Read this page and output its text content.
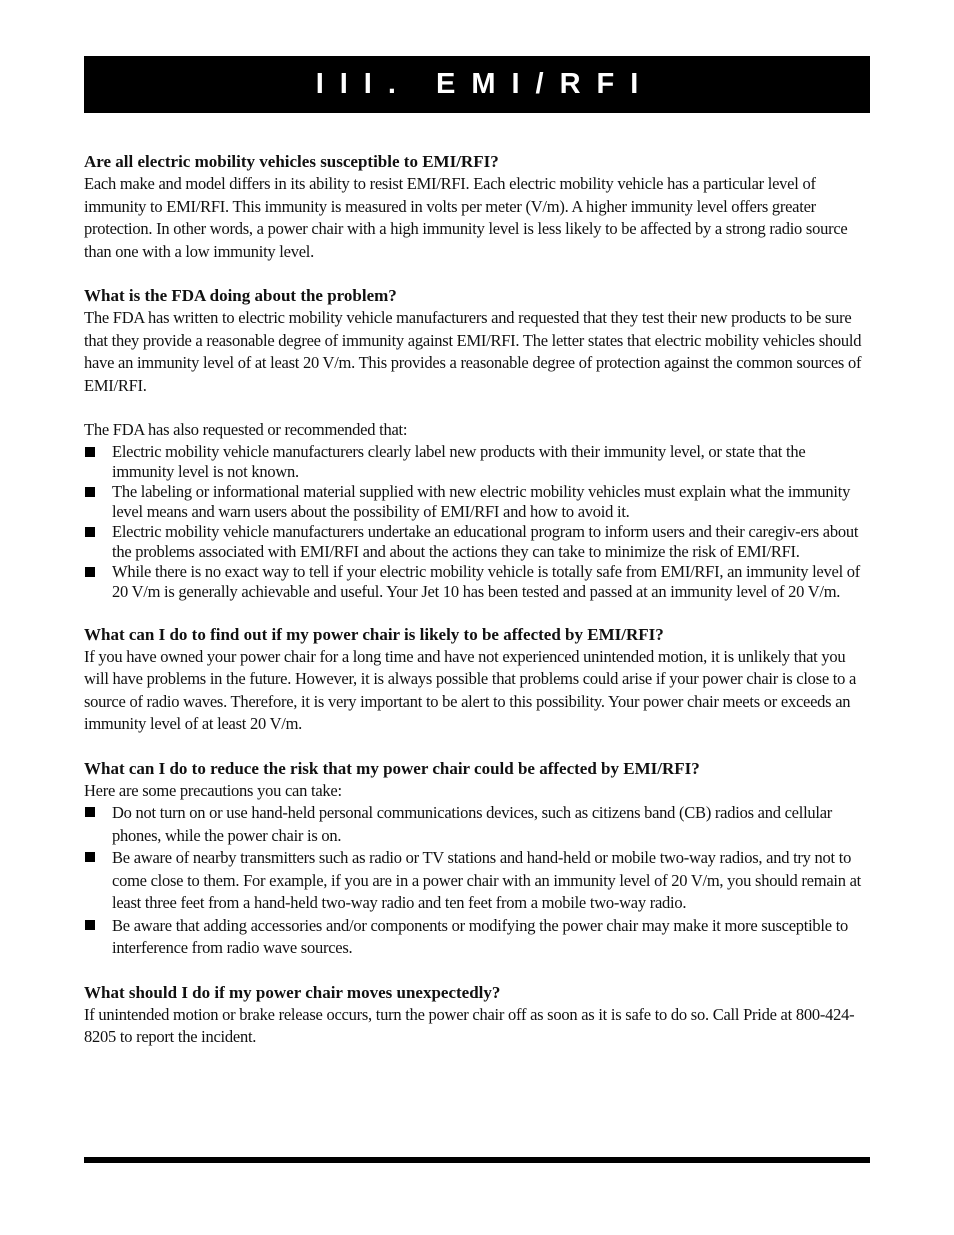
III. EMI/RFI
Are all electric mobility vehicles susceptible to EMI/RFI?

Each make and model differs in its ability to resist EMI/RFI. Each electric mobility vehicle has a particular level of immunity to EMI/RFI. This immunity is measured in volts per meter (V/m). A higher immunity level offers greater protection. In other words, a power chair with a high immunity level is less likely to be affected by a strong radio source than one with a low immunity level.

What is the FDA doing about the problem?

The FDA has written to electric mobility vehicle manufacturers and requested that they test their new products to be sure that they provide a reasonable degree of immunity against EMI/RFI. The letter states that electric mobility vehicles should have an immunity level of at least 20 V/m. This provides a reasonable degree of protection against the common sources of EMI/RFI.

The FDA has also requested or recommended that:

Electric mobility vehicle manufacturers clearly label new products with their immunity level, or state that the immunity level is not known.
The labeling or informational material supplied with new electric mobility vehicles must explain what the immunity level means and warn users about the possibility of EMI/RFI and how to avoid it.
Electric mobility vehicle manufacturers undertake an educational program to inform users and their caregiv-ers about the problems associated with EMI/RFI and about the actions they can take to minimize the risk of EMI/RFI.
While there is no exact way to tell if your electric mobility vehicle is totally safe from EMI/RFI, an immunity level of 20 V/m is generally achievable and useful. Your Jet 10 has been tested and passed at an immunity level of 20 V/m.
What can I do to find out if my power chair is likely to be affected by EMI/RFI?

If you have owned your power chair for a long time and have not experienced unintended motion, it is unlikely that you will have problems in the future. However, it is always possible that problems could arise if your power chair is close to a source of radio waves. Therefore, it is very important to be alert to this possibility. Your power chair meets or exceeds an immunity level of at least 20 V/m.

What can I do to reduce the risk that my power chair could be affected by EMI/RFI?

Here are some precautions you can take:

Do not turn on or use hand-held personal communications devices, such as citizens band (CB) radios and cellular phones, while the power chair is on.
Be aware of nearby transmitters such as radio or TV stations and hand-held or mobile two-way radios, and try not to come close to them. For example, if you are in a power chair with an immunity level of 20 V/m, you should remain at least three feet from a hand-held two-way radio and ten feet from a mobile two-way radio.
Be aware that adding accessories and/or components or modifying the power chair may make it more susceptible to interference from radio wave sources.
What should I do if my power chair moves unexpectedly?

If unintended motion or brake release occurs, turn the power chair off as soon as it is safe to do so. Call Pride at 800-424-8205 to report the incident.
